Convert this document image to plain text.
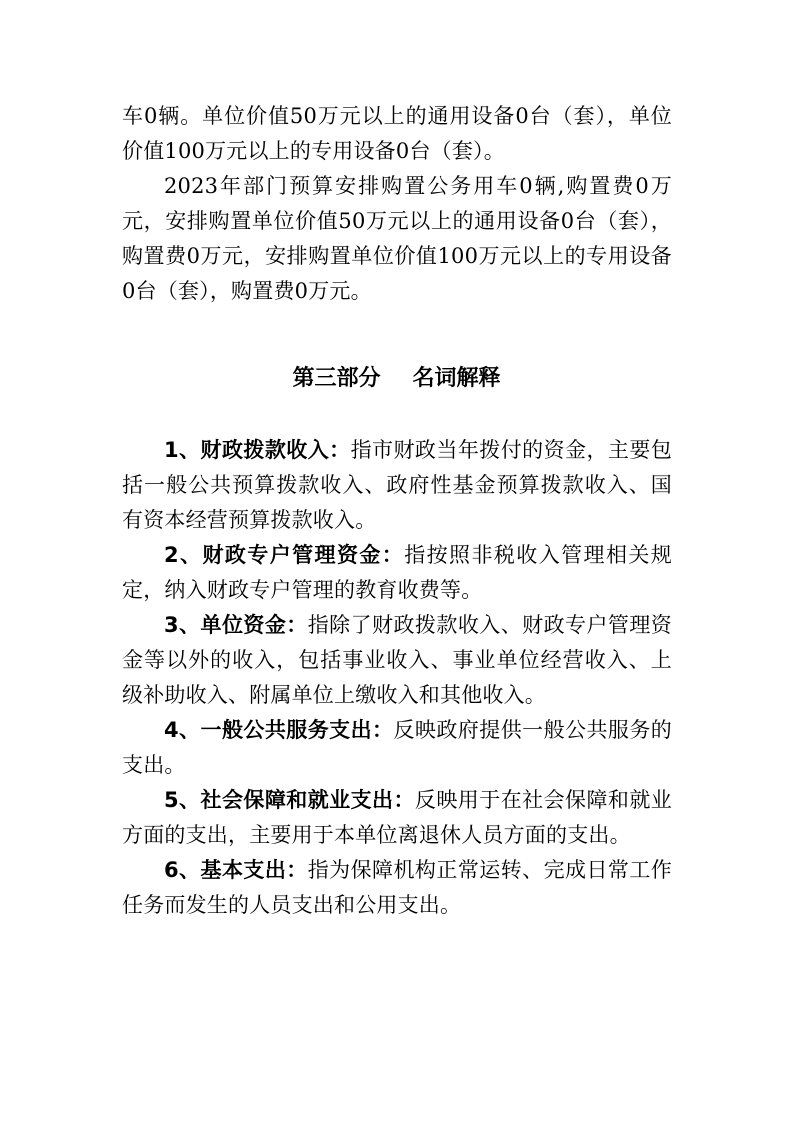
车0辆。单位价值50万元以上的通用设备0台（套），单位价值100万元以上的专用设备0台（套）。

2023年部门预算安排购置公务用车0辆,购置费0万元，安排购置单位价值50万元以上的通用设备0台（套），购置费0万元，安排购置单位价值100万元以上的专用设备0台（套），购置费0万元。

第三部分 名词解释

1、财政拨款收入：指市财政当年拨付的资金，主要包括一般公共预算拨款收入、政府性基金预算拨款收入、国有资本经营预算拨款收入。

2、财政专户管理资金：指按照非税收入管理相关规定，纳入财政专户管理的教育收费等。

3、单位资金：指除了财政拨款收入、财政专户管理资金等以外的收入，包括事业收入、事业单位经营收入、上级补助收入、附属单位上缴收入和其他收入。

4、一般公共服务支出：反映政府提供一般公共服务的支出。

5、社会保障和就业支出：反映用于在社会保障和就业方面的支出，主要用于本单位离退休人员方面的支出。

6、基本支出：指为保障机构正常运转、完成日常工作任务而发生的人员支出和公用支出。
